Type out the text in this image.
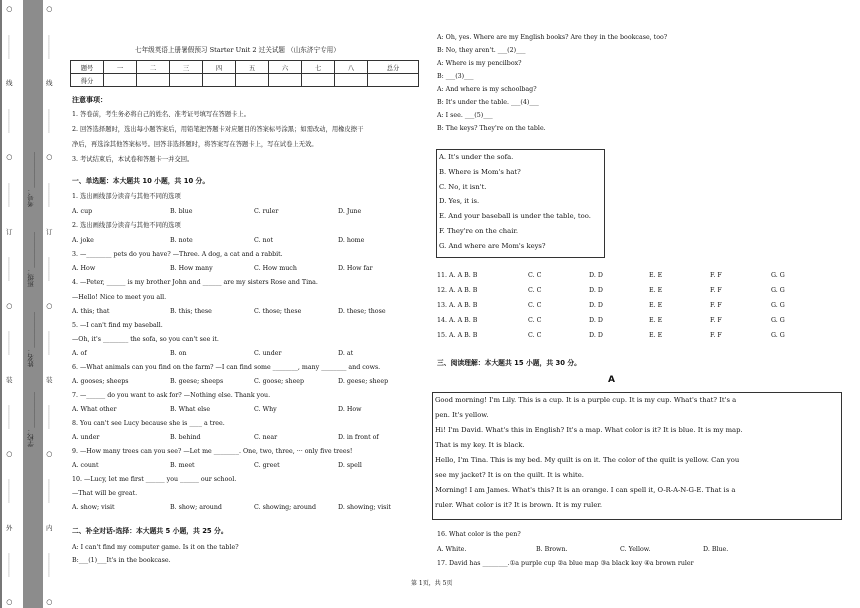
○
…………
线
…………
○
…………
订
…………
○
…………
装
…………
○
…………
外
…………
○
○
…………
线
…………
○
…………
订
…………
○
…………
装
…………
○
…………
内
…………
○
学校：___________
姓名：___________
班级：___________
考号：___________
七年级英语上册暑假预习 Starter Unit 2 过关试题 （山东济宁专用）
题号	一	二	三	四	五	六	七	八	总分
得分									
注意事项：
1. 答卷前，考生务必将自己的姓名、准考证号填写在答题卡上。
2. 回答选择题时，选出每小题答案后，用铅笔把答题卡对应题目的答案标号涂黑；如需改动，用橡皮擦干
净后，再选涂其他答案标号。回答非选择题时，将答案写在答题卡上，写在试卷上无效。
3. 考试结束后，本试卷和答题卡一并交回。
一、单选题：本大题共 10 小题，共 10 分。
1. 选出画线部分读音与其他不同的选项
A. cup	B. blue	C. ruler	D. June
2. 选出画线部分读音与其他不同的选项
A. joke	B. note	C. not	D. home
3. —________ pets do you have? —Three. A dog, a cat and a rabbit.
A. How	B. How many	C. How much	D. How far
4. —Peter, ______ is my brother John and ______ are my sisters Rose and Tina.
—Hello! Nice to meet you all.
A. this; that	B. this; these	C. those; these	D. these; those
5. —I can't find my baseball.
—Oh, it's ________ the sofa, so you can't see it.
A. of	B. on	C. under	D. at
6. —What animals can you find on the farm? —I can find some ________, many ________ and cows.
A. gooses; sheeps	B. geese; sheeps	C. goose; sheep	D. geese; sheep
7. —______ do you want to ask for? —Nothing else. Thank you.
A. What other	B. What else	C. Why	D. How
8. You can't see Lucy because she is ____ a tree.
A. under	B. behind	C. near	D. in front of
9. —How many trees can you see? —Let me ________. One, two, three, ··· only five trees!
A. count	B. meet	C. greet	D. spell
10. —Lucy, let me first ______ you ______ our school.
—That will be great.
A. show; visit	B. show; around	C. showing; around	D. showing; visit
二、补全对话-选择：本大题共 5 小题，共 25 分。
A: I can't find my computer game. Is it on the table?
B:___(1)___It's in the bookcase.
A: Oh, yes. Where are my English books? Are they in the bookcase, too?
B: No, they aren't. ___(2)___
A: Where is my pencilbox?
B: ___(3)___
A: And where is my schoolbag?
B: It's under the table. ___(4)___
A: I see. ___(5)___
B: The keys? They're on the table.
A. It's under the sofa.
B. Where is Mom's hat?
C. No, it isn't.
D. Yes, it is.
E. And your baseball is under the table, too.
F. They're on the chair.
G. And where are Mom's keys?
11. A. A B. B	C. C	D. D	E. E	F. F	G. G
12. A. A B. B	C. C	D. D	E. E	F. F	G. G
13. A. A B. B	C. C	D. D	E. E	F. F	G. G
14. A. A B. B	C. C	D. D	E. E	F. F	G. G
15. A. A B. B	C. C	D. D	E. E	F. F	G. G
三、阅读理解：本大题共 15 小题，共 30 分。
A
Good morning! I'm Lily. This is a cup. It is a purple cup. It is my cup. What's that? It's a
pen. It's yellow.
Hi! I'm David. What's this in English? It's a map. What color is it? It is blue. It is my map.
That is my key. It is black.
Hello, I'm Tina. This is my bed. My quilt is on it. The color of the quilt is yellow. Can you
see my jacket? It is on the quilt. It is white.
Morning! I am James. What's this? It is an orange. I can spell it, O-R-A-N-G-E. That is a
ruler. What color is it? It is brown. It is my ruler.
16. What color is the pen?
A. White.	B. Brown.	C. Yellow.	D. Blue.
17. David has ________.①a purple cup ②a blue map ③a black key ④a brown ruler
第 1页，共 5页
